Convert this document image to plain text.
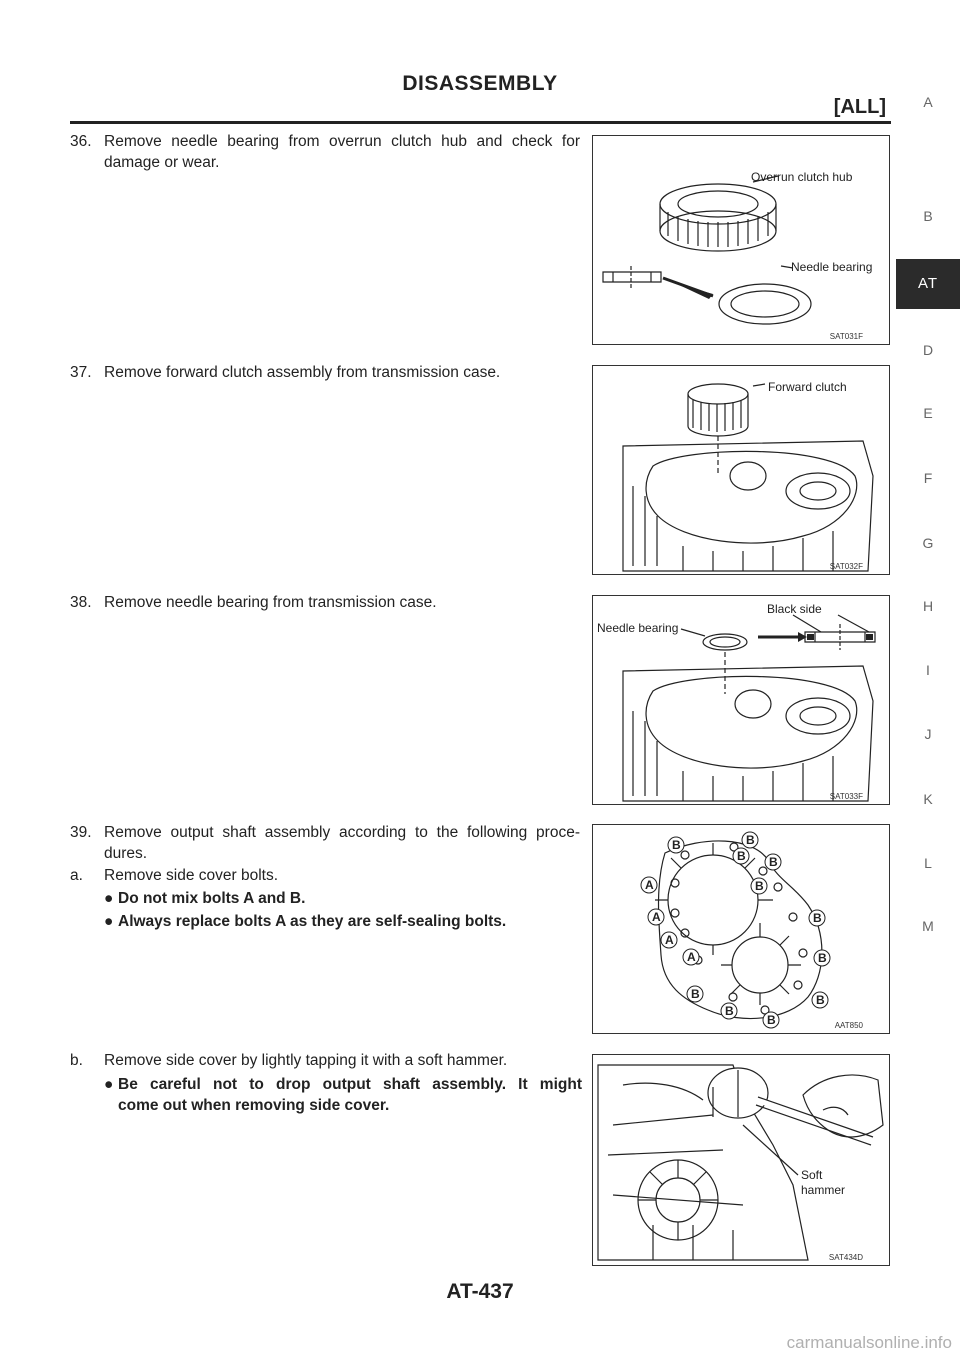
DISASSEMBLY
[ALL]
AT
A
B
D
E
F
G
H
I
J
K
L
M
36. Remove needle bearing from overrun clutch hub and check for
damage or wear.
37. Remove forward clutch assembly from transmission case.
38. Remove needle bearing from transmission case.
39. Remove output shaft assembly according to the following proce-
dures.
a. Remove side cover bolts.
● Do not mix bolts A and B.
● Always replace bolts A as they are self-sealing bolts.
b. Remove side cover by lightly tapping it with a soft hammer.
● Be careful not to drop output shaft assembly. It might
come out when removing side cover.
Overrun clutch hub
Needle bearing
SAT031F
Forward clutch
SAT032F
Needle bearing
Black side
SAT033F
B	B
B B
B
A
A
A
A
B
B
B	B
B
B	AAT850
Soft
hammer
SAT434D
AT-437
carmanualsonline.info
